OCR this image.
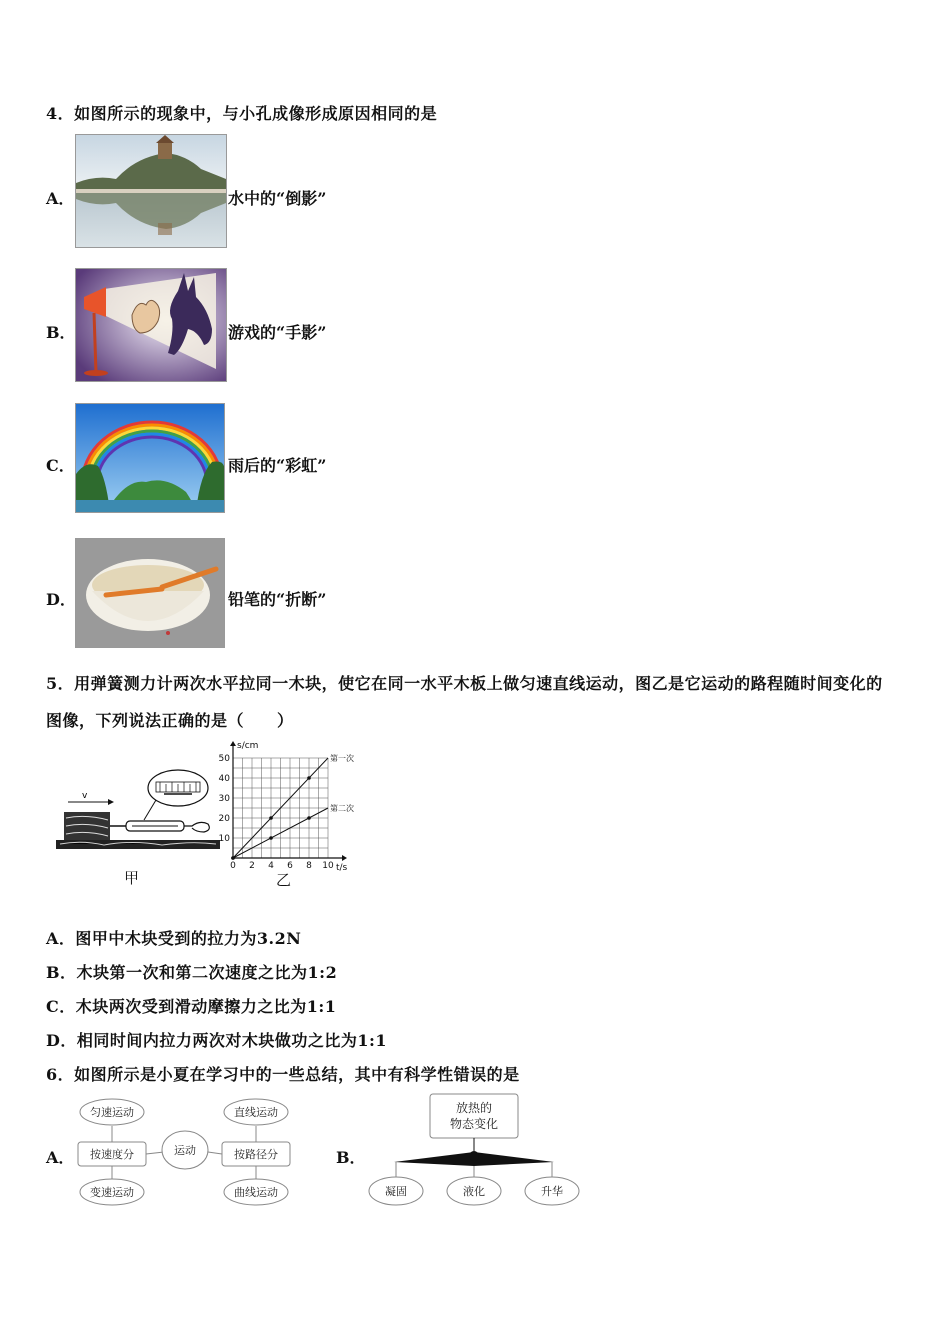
4．如图所示的现象中，与小孔成像形成原因相同的是
A．	水中的“倒影”
B．	游戏的“手影”
C．	雨后的“彩虹”
D．	铅笔的“折断”
5．用弹簧测力计两次水平拉同一木块，使它在同一水平木板上做匀速直线运动，图乙是它运动的路程随时间变化的
图像，下列说法正确的是（　　）
v
甲
0 2 4 6 8 10
10
20
30
40
50
t/s
s/cm
第一次
第二次
乙
A．图甲中木块受到的拉力为3.2N
B．木块第一次和第二次速度之比为1:2
C．木块两次受到滑动摩擦力之比为1:1
D．相同时间内拉力两次对木块做功之比为1:1
6．如图所示是小夏在学习中的一些总结，其中有科学性错误的是
A．
匀速运动
按速度分
变速运动
运动
直线运动
按路径分
曲线运动
B．
放热的
物态变化
凝固	液化	升华
